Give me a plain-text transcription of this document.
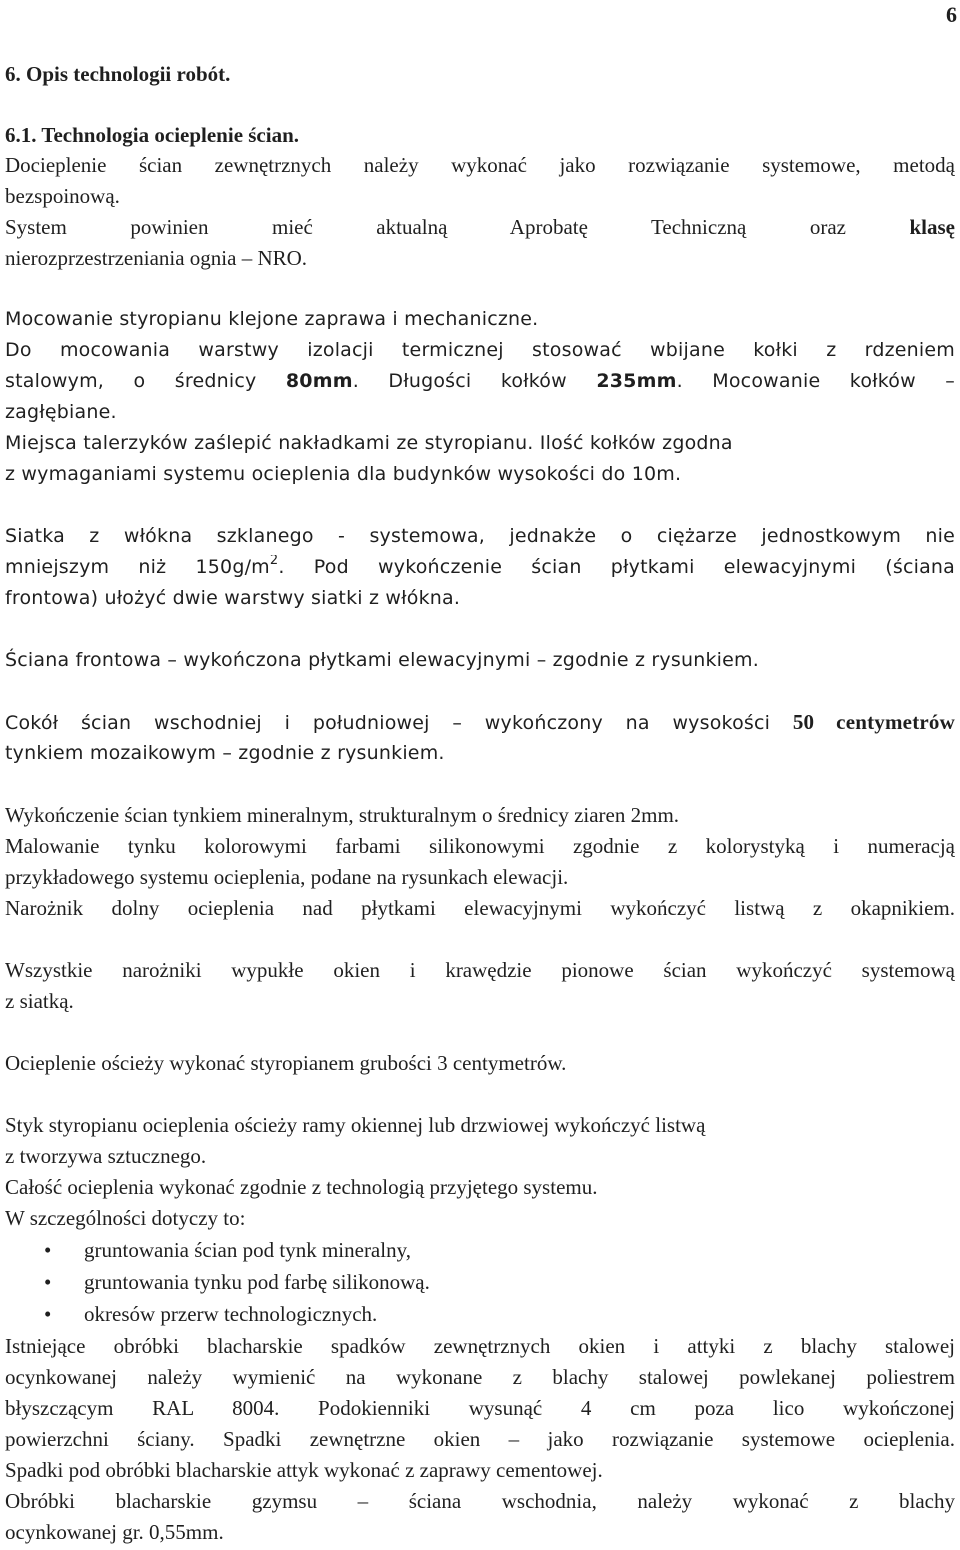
6
6. Opis technologii robót.
6.1. Technologia ocieplenie ścian.
Docieplenie ścian zewnętrznych należy wykonać jako rozwiązanie systemowe, metodą
bezspoinową.
System powinien mieć aktualną Aprobatę Techniczną oraz klasę
nierozprzestrzeniania ognia – NRO.
Mocowanie styropianu klejone zaprawa i mechaniczne.
Do mocowania warstwy izolacji termicznej stosować wbijane kołki z rdzeniem
stalowym, o średnicy 80mm. Długości kołków 235mm. Mocowanie kołków –
zagłębiane.
Miejsca talerzyków zaślepić nakładkami ze styropianu. Ilość kołków zgodna
z wymaganiami systemu ocieplenia dla budynków wysokości do 10m.
Siatka z włókna szklanego - systemowa, jednakże o ciężarze jednostkowym nie
mniejszym niż $150g/m^2$. Pod wykończenie ścian płytkami elewacyjnymi (ściana
frontowa) ułożyć dwie warstwy siatki z włókna.
Ściana frontowa – wykończona płytkami elewacyjnymi – zgodnie z rysunkiem.
Cokół ścian wschodniej i południowej – wykończony na wysokości 50 centymetrów
tynkiem mozaikowym – zgodnie z rysunkiem.
Wykończenie ścian tynkiem mineralnym, strukturalnym o średnicy ziaren 2mm.
Malowanie tynku kolorowymi farbami silikonowymi zgodnie z kolorystyką i numeracją
przykładowego systemu ocieplenia, podane na rysunkach elewacji.
Narożnik dolny ocieplenia nad płytkami elewacyjnymi wykończyć listwą z okapnikiem.
Wszystkie narożniki wypukłe okien i krawędzie pionowe ścian wykończyć systemową
z siatką.
Ocieplenie ościeży wykonać styropianem grubości 3 centymetrów.
Styk styropianu ocieplenia ościeży ramy okiennej lub drzwiowej wykończyć listwą
z tworzywa sztucznego.
Całość ocieplenia wykonać zgodnie z technologią przyjętego systemu.
W szczególności dotyczy to:
• gruntowania ścian pod tynk mineralny,
• gruntowania tynku pod farbę silikonową.
• okresów przerw technologicznych.
Istniejące obróbki blacharskie spadków zewnętrznych okien i attyki z blachy stalowej
ocynkowanej należy wymienić na wykonane z blachy stalowej powlekanej poliestrem
błyszczącym RAL 8004. Podokienniki wysunąć 4 cm poza lico wykończonej
powierzchni ściany. Spadki zewnętrzne okien – jako rozwiązanie systemowe ocieplenia.
Spadki pod obróbki blacharskie attyk wykonać z zaprawy cementowej.
Obróbki blacharskie gzymsu – ściana wschodnia, należy wykonać z blachy
ocynkowanej gr. 0,55mm.
